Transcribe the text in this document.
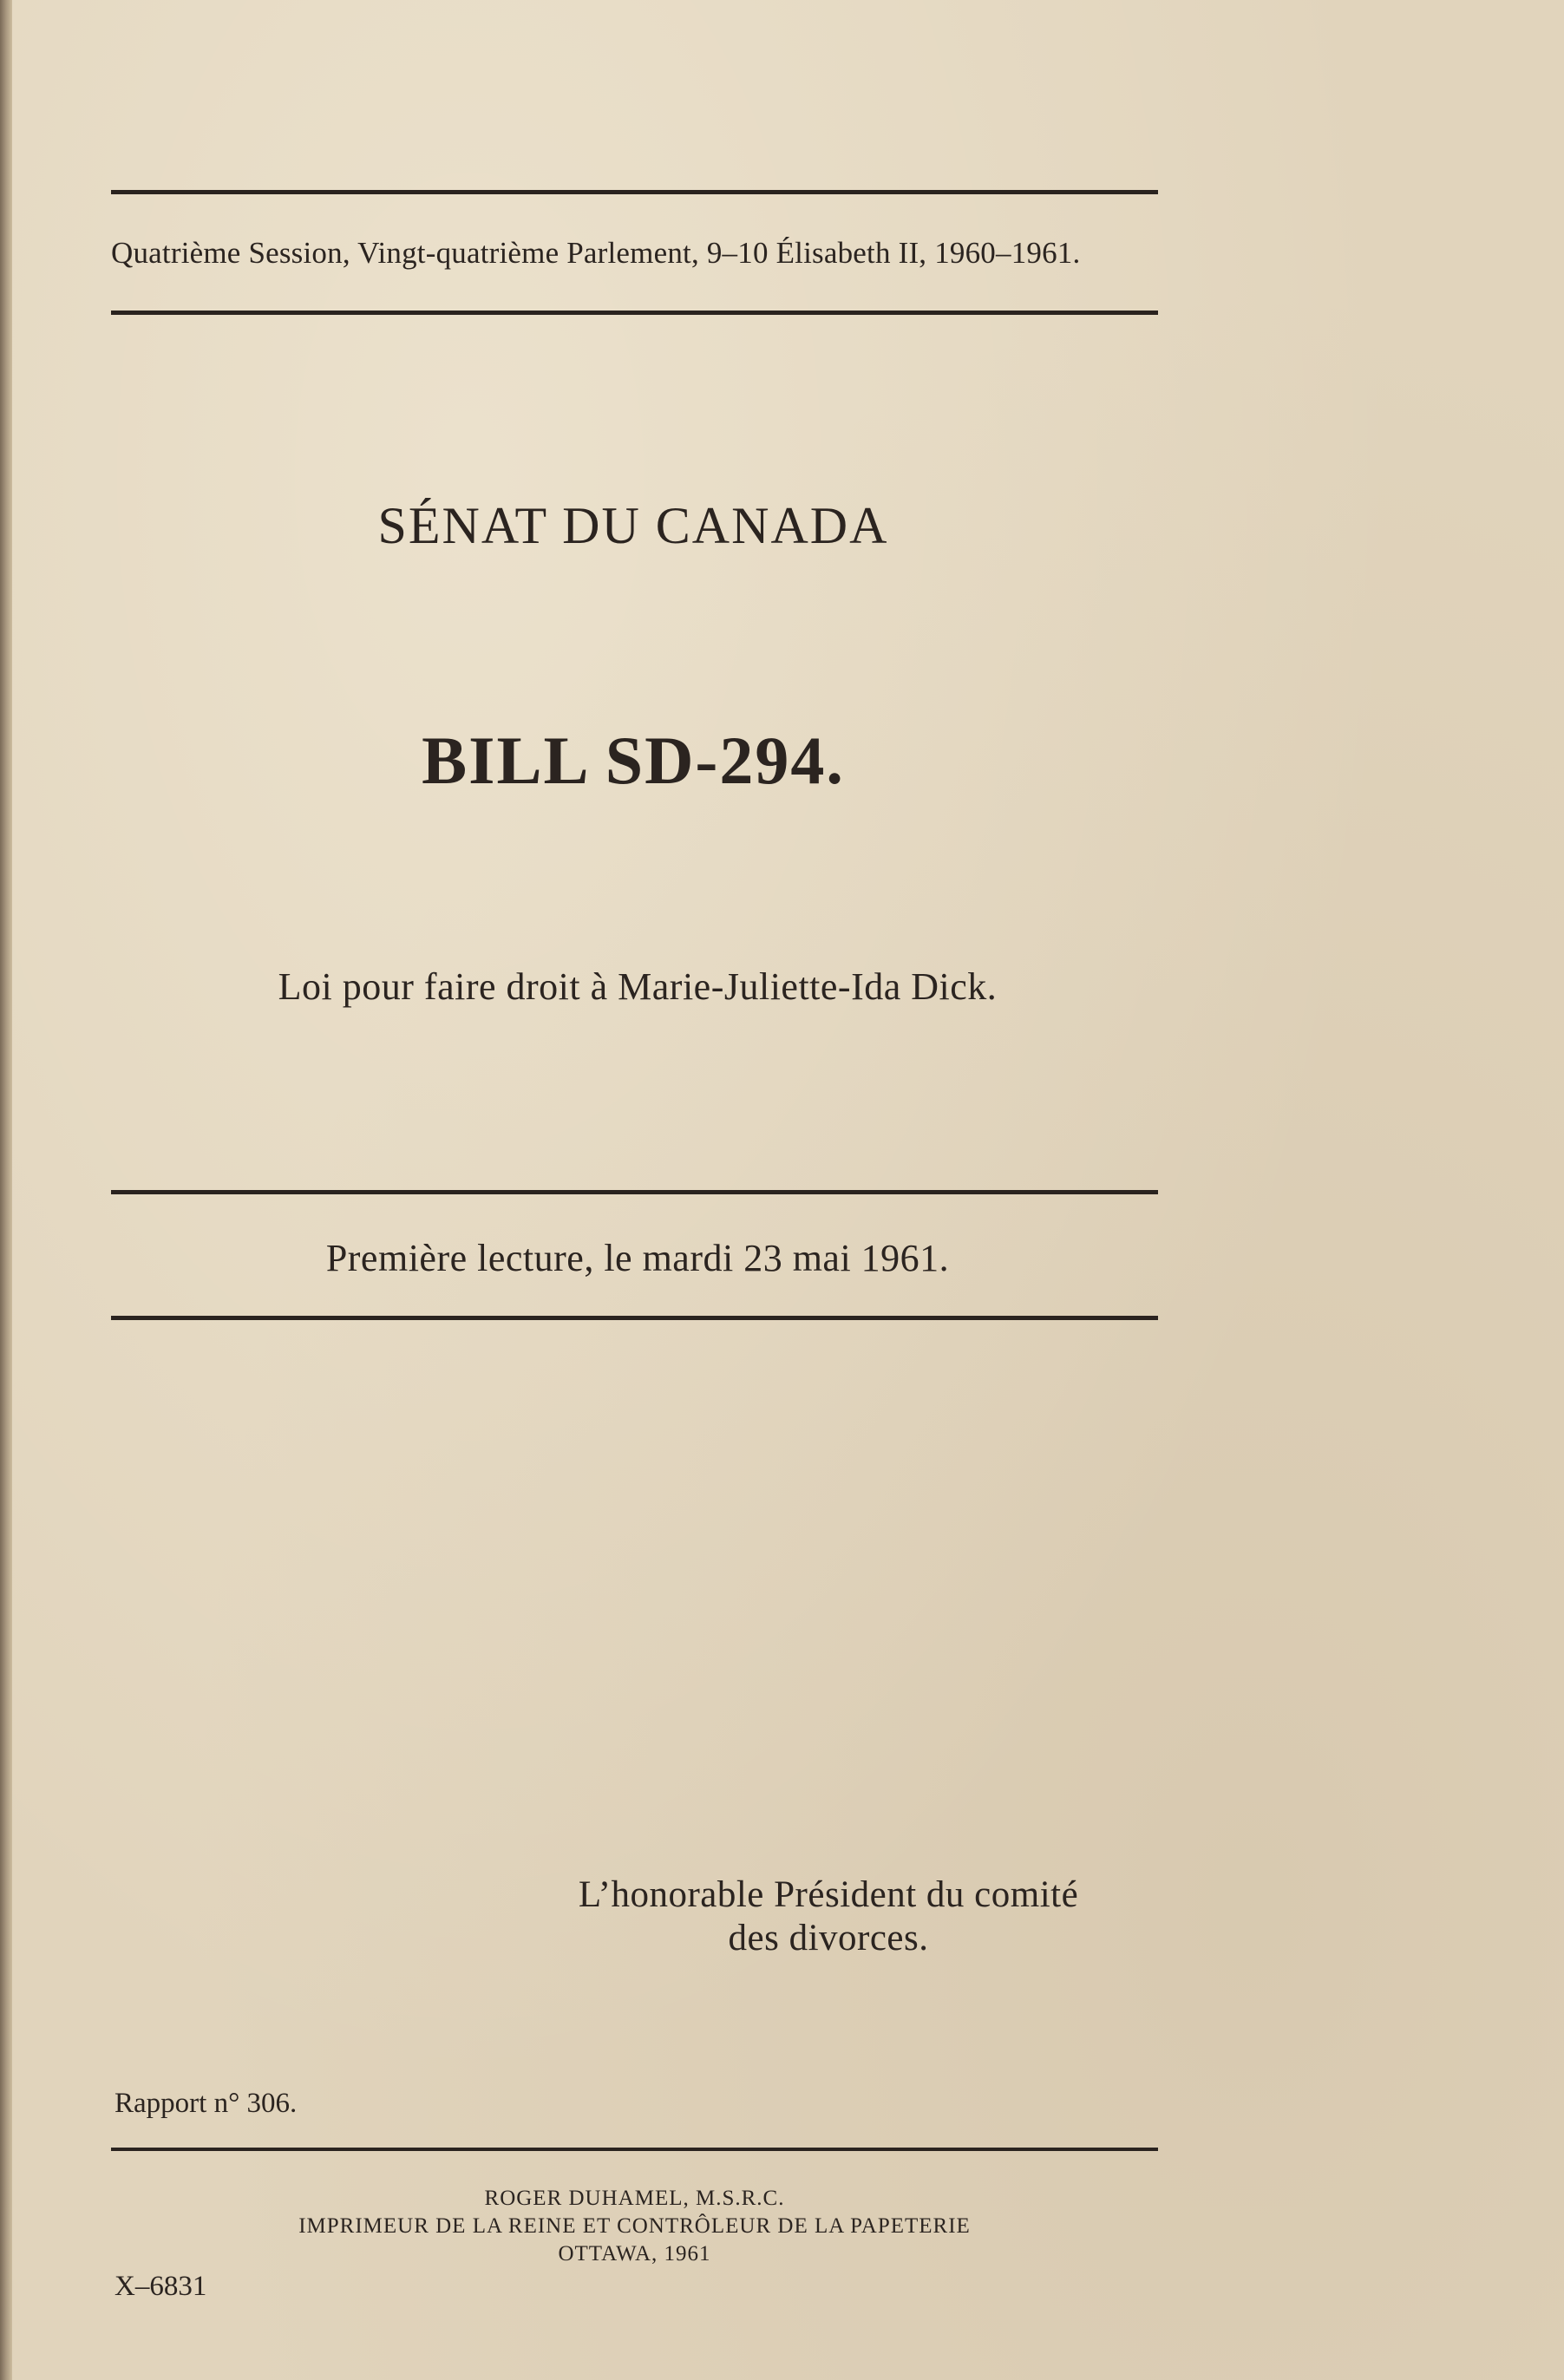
Quatrième Session, Vingt-quatrième Parlement, 9–10 Élisabeth II, 1960–1961.
SÉNAT DU CANADA
BILL SD-294.
Loi pour faire droit à Marie-Juliette-Ida Dick.
Première lecture, le mardi 23 mai 1961.
L’honorable Président du comité
des divorces.
Rapport n° 306.
ROGER DUHAMEL, M.S.R.C.
IMPRIMEUR DE LA REINE ET CONTRÔLEUR DE LA PAPETERIE
OTTAWA, 1961
X–6831
